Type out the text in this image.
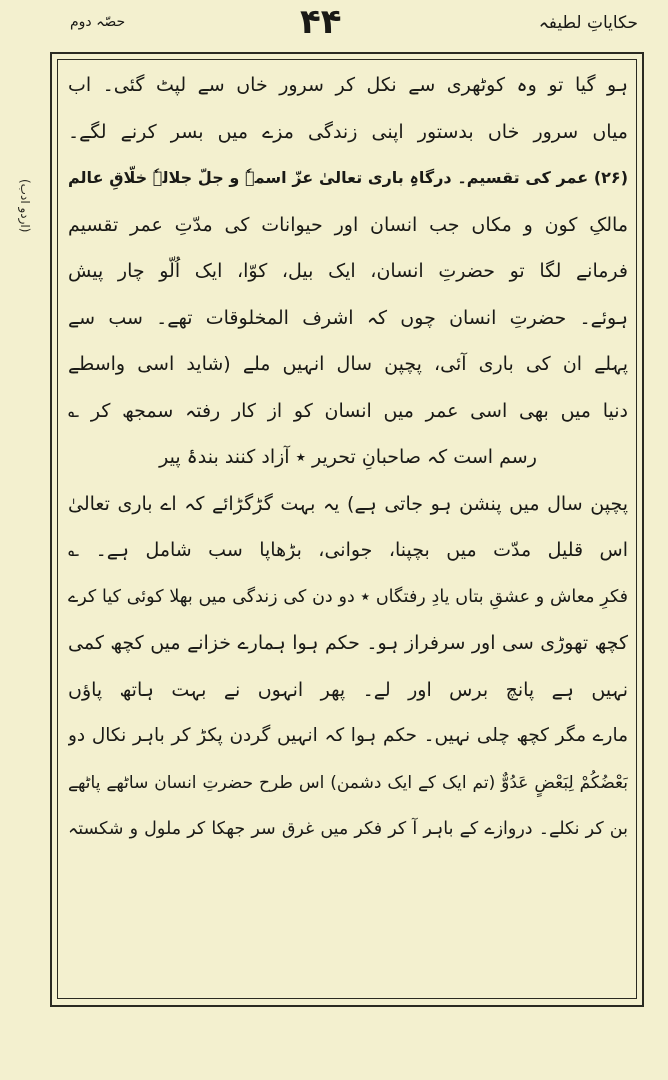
حکایاتِ لطیفہ
۴۴
حصّہ دوم
(اردو ادب)
ہو گیا تو وہ کوٹھری سے نکل کر سرور خاں سے لپٹ گئی۔ اب
میاں سرور خاں بدستور اپنی زندگی مزے میں بسر کرنے لگے۔
(۲۶) عمر کی تقسیم۔ درگاہِ باری تعالیٰ عزّ اسمہٗ و جلّ جلالہٗ خلّاقِ عالم
مالکِ کون و مکاں جب انسان اور حیوانات کی مدّتِ عمر تقسیم
فرمانے لگا تو حضرتِ انسان، ایک بیل، کوّا، ایک اُلّو چار پیش
ہوئے۔ حضرتِ انسان چوں کہ اشرف المخلوقات تھے۔ سب سے
پہلے ان کی باری آئی، پچپن سال انہیں ملے (شاید اسی واسطے
دنیا میں بھی اسی عمر میں انسان کو از کار رفتہ سمجھ کر ؎
رسم است کہ صاحبانِ تحریر ٭ آزاد کنند بندۂ پیر
پچپن سال میں پنشن ہو جاتی ہے) یہ بہت گڑگڑائے کہ اے باری تعالیٰ
اس قلیل مدّت میں بچپنا، جوانی، بڑھاپا سب شامل ہے۔ ؎
فکرِ معاش و عشقِ بتاں یادِ رفتگاں ٭ دو دن کی زندگی میں بھلا کوئی کیا کرے
کچھ تھوڑی سی اور سرفراز ہو۔ حکم ہوا ہمارے خزانے میں کچھ کمی
نہیں ہے پانچ برس اور لے۔ پھر انہوں نے بہت ہاتھ پاؤں
مارے مگر کچھ چلی نہیں۔ حکم ہوا کہ انہیں گردن پکڑ کر باہر نکال دو
بَعْضُكُمْ لِبَعْضٍ عَدُوٌّ (تم ایک کے ایک دشمن) اس طرح حضرتِ انسان ساٹھے پاٹھے
بن کر نکلے۔ دروازے کے باہر آ کر فکر میں غرق سر جھکا کر ملول و شکستہ
